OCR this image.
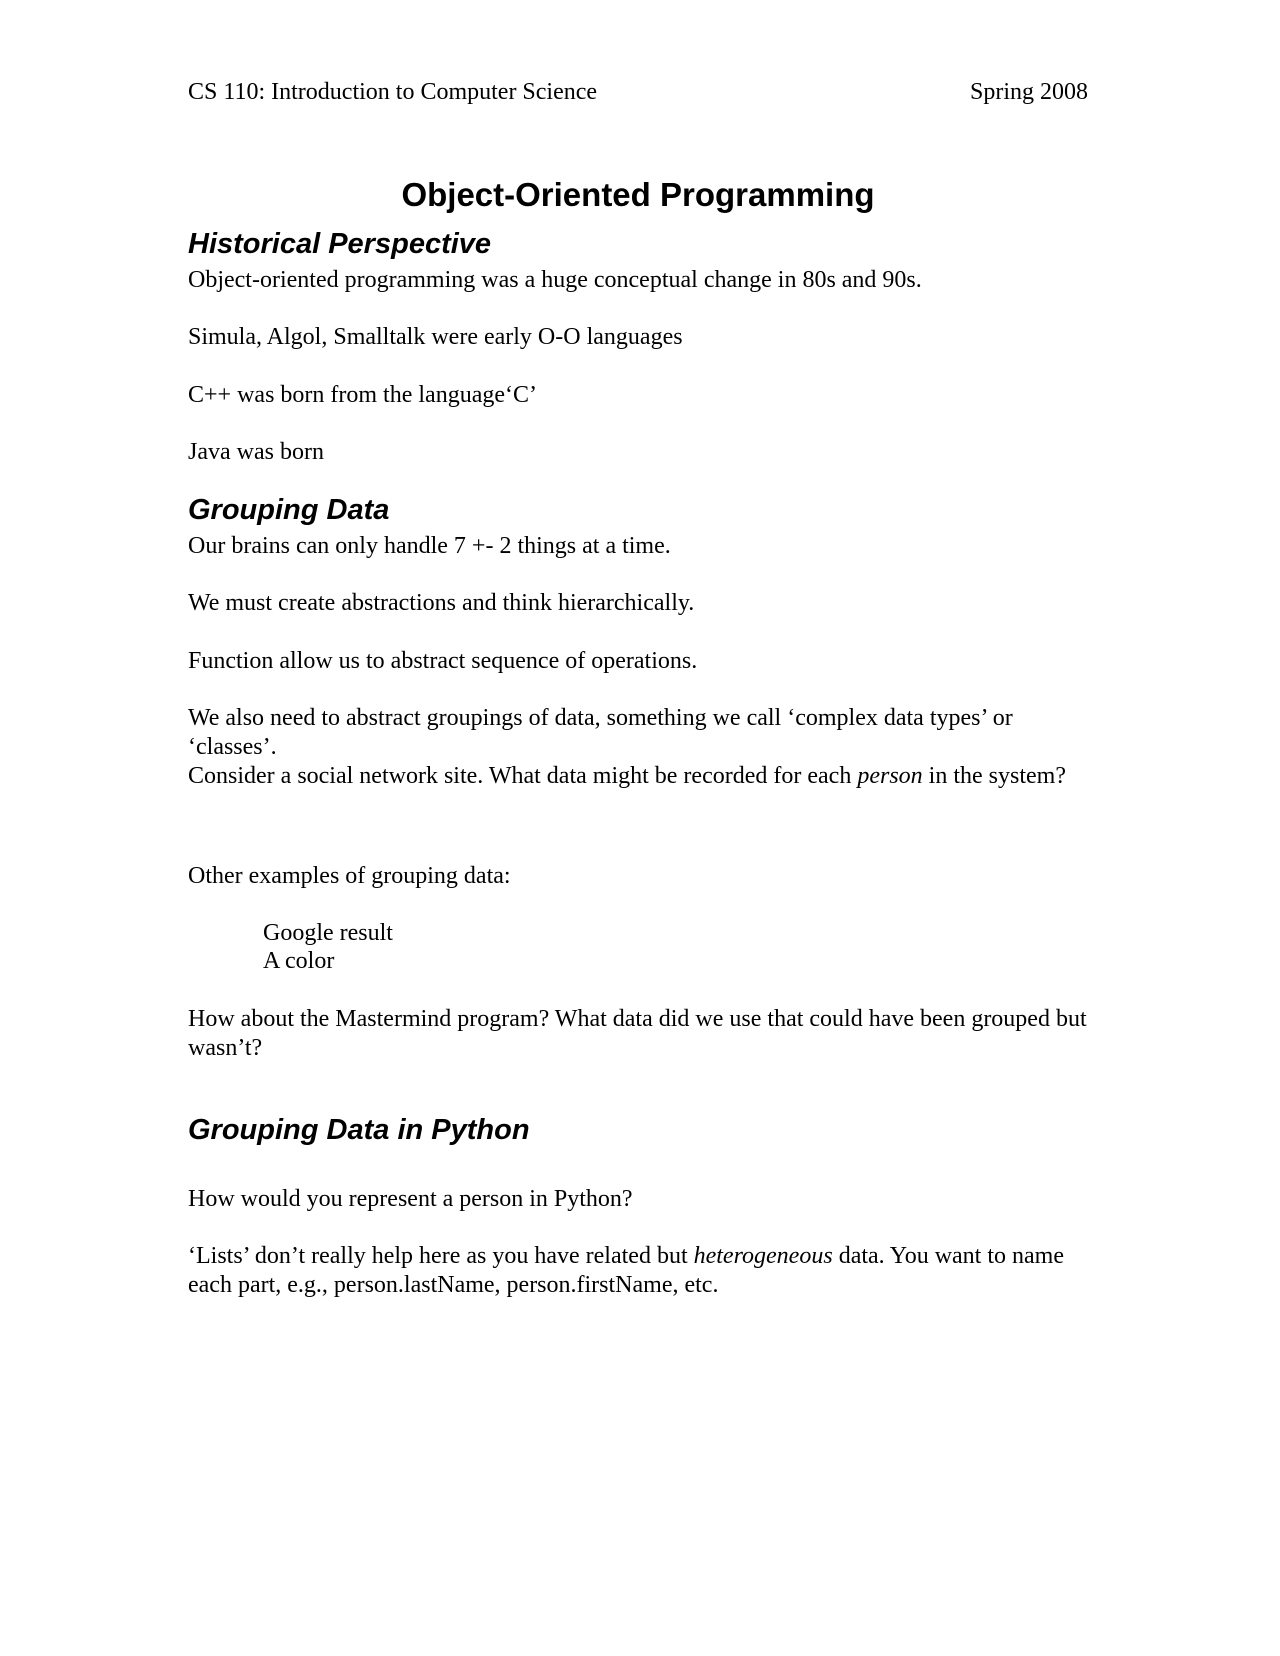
CS 110: Introduction to Computer Science	Spring 2008
Object-Oriented Programming
Historical Perspective
Object-oriented programming was a huge conceptual change in 80s and 90s.
Simula, Algol, Smalltalk were early O-O languages
C++ was born from the language‘C’
Java was born
Grouping Data
Our brains can only handle 7 +- 2 things at a time.
We must create abstractions and think hierarchically.
Function allow us to abstract sequence of operations.
We also need to abstract groupings of data, something we call ‘complex data types’ or ‘classes’.
Consider a social network site. What data might be recorded for each person in the system?
Other examples of grouping data:
Google result
A color
How about the Mastermind program? What data did we use that could have been grouped but wasn’t?
Grouping Data in Python
How would you represent a person in Python?
‘Lists’ don’t really help here as you have related but heterogeneous data. You want to name each part, e.g., person.lastName, person.firstName, etc.
